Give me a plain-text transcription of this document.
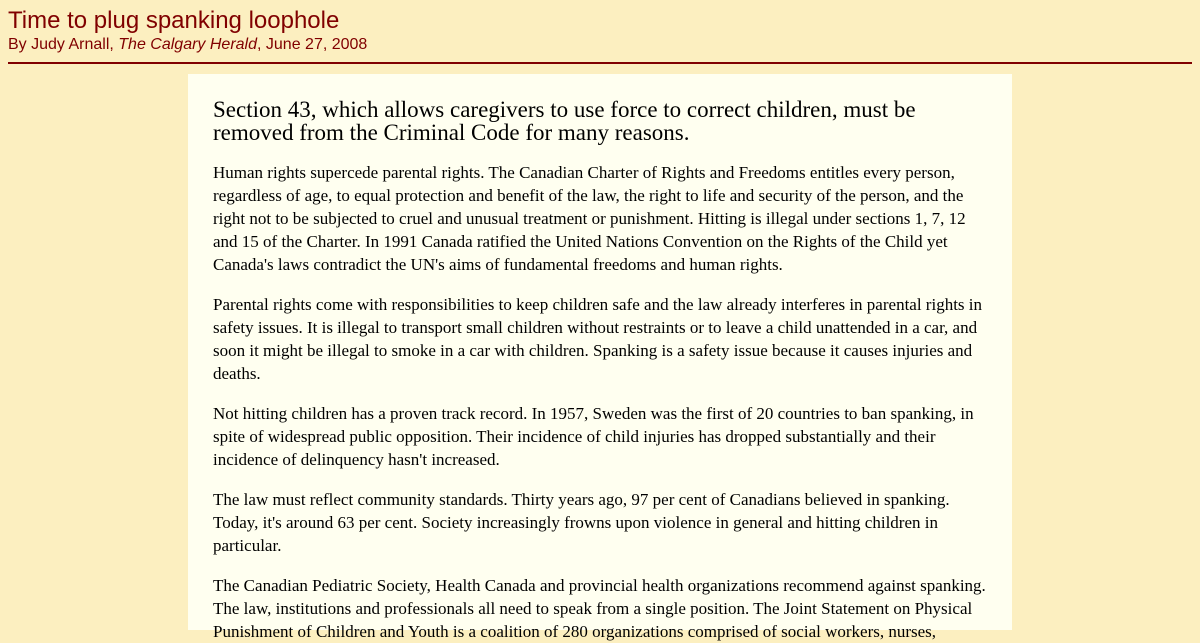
Time to plug spanking loophole

By Judy Arnall, The Calgary Herald, June 27, 2008

Section 43, which allows caregivers to use force to correct children, must be removed from the Criminal Code for many reasons.

Human rights supercede parental rights. The Canadian Charter of Rights and Freedoms entitles every person, regardless of age, to equal protection and benefit of the law, the right to life and security of the person, and the right not to be subjected to cruel and unusual treatment or punishment. Hitting is illegal under sections 1, 7, 12 and 15 of the Charter. In 1991 Canada ratified the United Nations Convention on the Rights of the Child yet Canada's laws contradict the UN's aims of fundamental freedoms and human rights.

Parental rights come with responsibilities to keep children safe and the law already interferes in parental rights in safety issues. It is illegal to transport small children without restraints or to leave a child unattended in a car, and soon it might be illegal to smoke in a car with children. Spanking is a safety issue because it causes injuries and deaths.

Not hitting children has a proven track record. In 1957, Sweden was the first of 20 countries to ban spanking, in spite of widespread public opposition. Their incidence of child injuries has dropped substantially and their incidence of delinquency hasn't increased.

The law must reflect community standards. Thirty years ago, 97 per cent of Canadians believed in spanking. Today, it's around 63 per cent. Society increasingly frowns upon violence in general and hitting children in particular.

The Canadian Pediatric Society, Health Canada and provincial health organizations recommend against spanking. The law, institutions and professionals all need to speak from a single position. The Joint Statement on Physical Punishment of Children and Youth is a coalition of 280 organizations comprised of social workers, nurses,
